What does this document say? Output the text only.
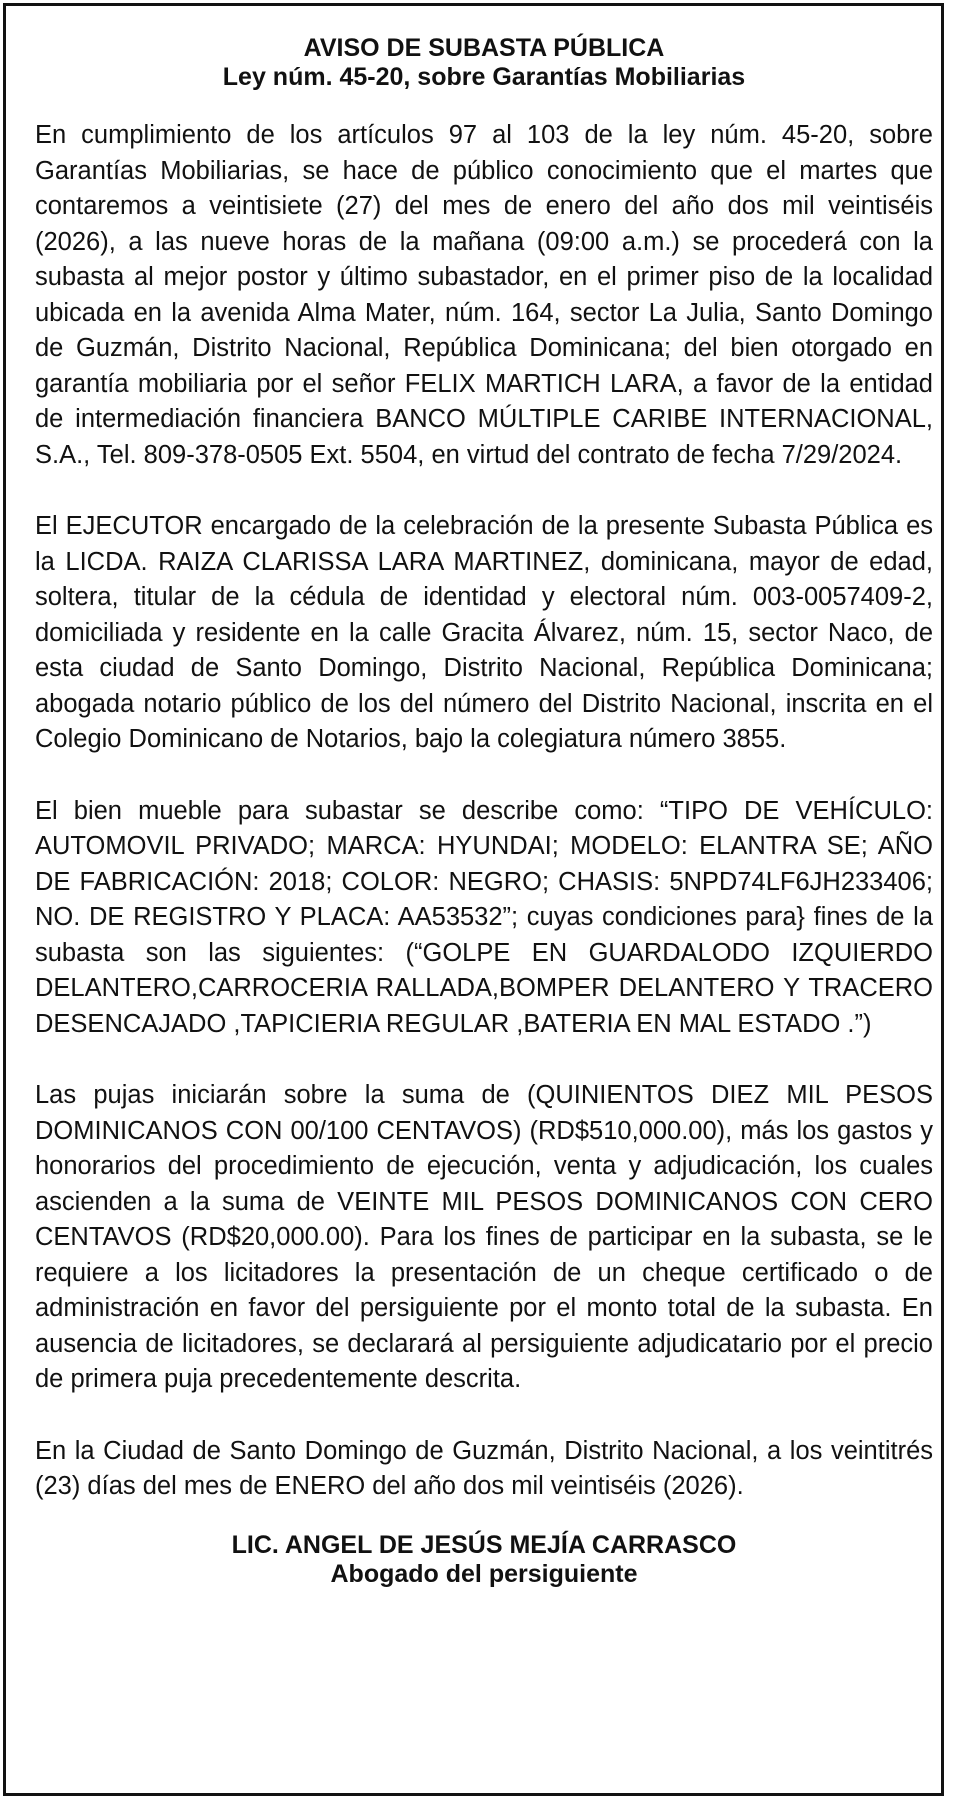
AVISO DE SUBASTA PÚBLICA
Ley núm. 45-20, sobre Garantías Mobiliarias

En cumplimiento de los artículos 97 al 103 de la ley núm. 45-20, sobre Garantías Mobiliarias, se hace de público conocimiento que el martes que contaremos a veintisiete (27) del mes de enero del año dos mil veintiséis (2026), a las nueve horas de la mañana (09:00 a.m.) se procederá con la subasta al mejor postor y último subastador, en el primer piso de la localidad ubicada en la avenida Alma Mater, núm. 164, sector La Julia, Santo Domingo de Guzmán, Distrito Nacional, República Dominicana; del bien otorgado en garantía mobiliaria por el señor FELIX MARTICH LARA, a favor de la entidad de intermediación financiera BANCO MÚLTIPLE CARIBE INTERNACIONAL, S.A., Tel. 809-378-0505 Ext. 5504, en virtud del contrato de fecha 7/29/2024.

El EJECUTOR encargado de la celebración de la presente Subasta Pública es la LICDA. RAIZA CLARISSA LARA MARTINEZ, dominicana, mayor de edad, soltera, titular de la cédula de identidad y electoral núm. 003-0057409-2, domiciliada y residente en la calle Gracita Álvarez, núm. 15, sector Naco, de esta ciudad de Santo Domingo, Distrito Nacional, República Dominicana; abogada notario público de los del número del Distrito Nacional, inscrita en el Colegio Dominicano de Notarios, bajo la colegiatura número 3855.

El bien mueble para subastar se describe como: “TIPO DE VEHÍCULO: AUTOMOVIL PRIVADO; MARCA: HYUNDAI; MODELO: ELANTRA SE; AÑO DE FABRICACIÓN: 2018; COLOR: NEGRO; CHASIS: 5NPD74LF6JH233406; NO. DE REGISTRO Y PLACA: AA53532”; cuyas condiciones para} fines de la subasta son las siguientes: (“GOLPE EN GUARDALODO IZQUIERDO DELANTERO,CARROCERIA RALLADA,BOMPER DELANTERO Y TRACERO DESENCAJADO ,TAPICIERIA REGULAR ,BATERIA EN MAL ESTADO .”)

Las pujas iniciarán sobre la suma de (QUINIENTOS DIEZ MIL PESOS DOMINICANOS CON 00/100 CENTAVOS) (RD$510,000.00), más los gastos y honorarios del procedimiento de ejecución, venta y adjudicación, los cuales ascienden a la suma de VEINTE MIL PESOS DOMINICANOS CON CERO CENTAVOS (RD$20,000.00). Para los fines de participar en la subasta, se le requiere a los licitadores la presentación de un cheque certificado o de administración en favor del persiguiente por el monto total de la subasta. En ausencia de licitadores, se declarará al persiguiente adjudicatario por el precio de primera puja precedentemente descrita.

En la Ciudad de Santo Domingo de Guzmán, Distrito Nacional, a los veintitrés (23) días del mes de ENERO del año dos mil veintiséis (2026).

LIC. ANGEL DE JESÚS MEJÍA CARRASCO
Abogado del persiguiente
